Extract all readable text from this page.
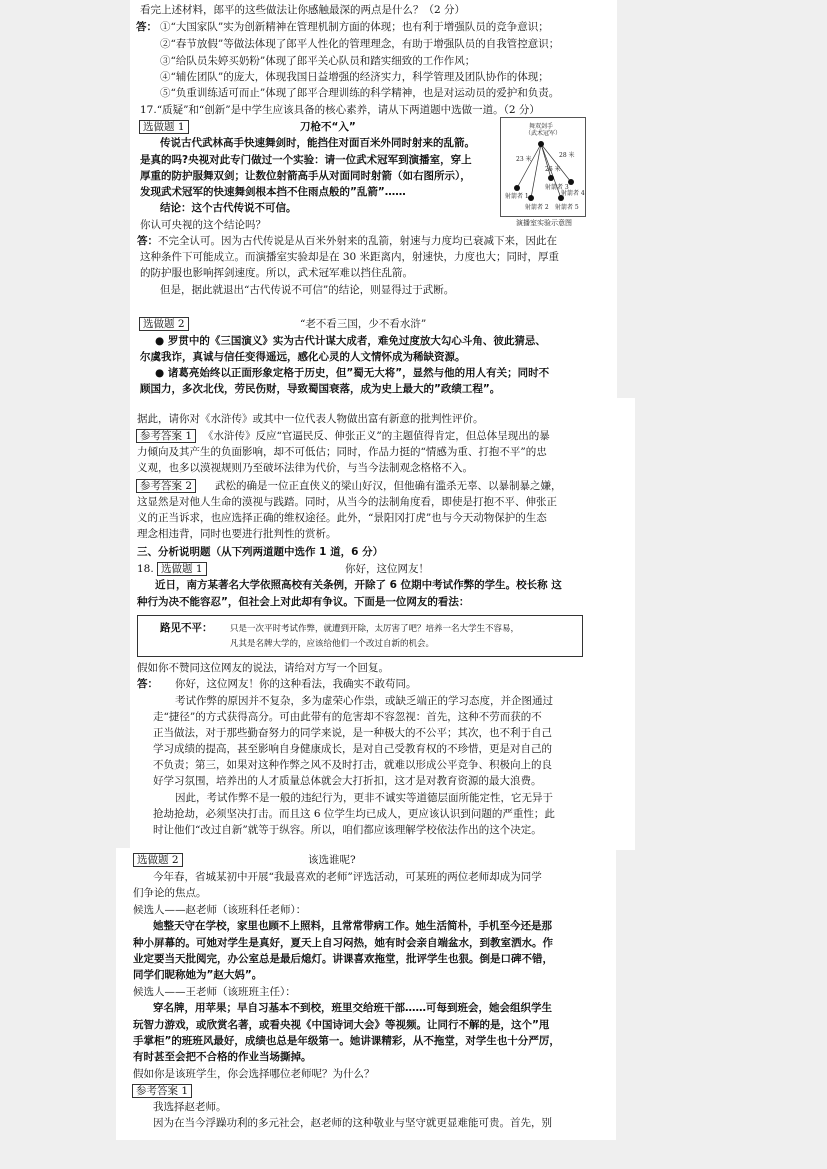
看完上述材料，郎平的这些做法让你感触最深的两点是什么？（2 分）
答： ①“大国家队”实为创新精神在管理机制方面的体现；也有利于增强队员的竞争意识；
②“春节放假”等做法体现了郎平人性化的管理理念，有助于增强队员的自我管控意识；
③“给队员朱婷买奶粉”体现了郎平关心队员和踏实细致的工作作风；
④“辅佐团队”的庞大，体现我国日益增强的经济实力，科学管理及团队协作的体现；
⑤“负重训练适可而止”体现了郎平合理训练的科学精神，也是对运动员的爱护和负责。
17.“质疑”和“创新”是中学生应该具备的核心素养，请从下两道题中选做一道。（2 分）
选做题 1	刀枪不“入”
传说古代武林高手快速舞剑时，能挡住对面百米外同时射来的乱箭。
是真的吗?央视对此专门做过一个实验：请一位武术冠军到演播室，穿上
厚重的防护服舞双剑；让数位射箭高手从对面同时射箭（如右图所示），
发现武术冠军的快速舞剑根本挡不住雨点般的”乱箭”……
结论：这个古代传说不可信。
你认可央视的这个结论吗？
答： 不完全认可。因为古代传说是从百米外射来的乱箭，射速与力度均已衰减下来，因此在
这种条件下可能成立。而演播室实验却是在 30 米距离内，射速快，力度也大；同时，厚重
的防护服也影响挥剑速度。所以，武术冠军难以挡住乱箭。
但是，据此就退出“古代传说不可信”的结论，则显得过于武断。
舞双剑手
（武术冠军）
23 米
28 米
26 米
射箭者 1
射箭者 2
射箭者 3
射箭者 4
射箭者 5
演播室实验示意图
选做题 2	“老不看三国，少不看水浒”
● 罗贯中的《三国演义》实为古代计谋大成者，难免过度放大勾心斗角、彼此猜忌、
尔虞我诈，真诚与信任变得遥远，感化心灵的人文情怀成为稀缺资源。
● 诸葛亮始终以正面形象定格于历史，但”蜀无大将”，显然与他的用人有关；同时不
顾国力，多次北伐，劳民伤财，导致蜀国衰落，成为史上最大的”政绩工程”。
据此，请你对《水浒传》或其中一位代表人物做出富有新意的批判性评价。
参考答案 1	《水浒传》反应“官逼民反、伸张正义”的主题值得肯定，但总体呈现出的暴
力倾向及其产生的负面影响，却不可低估；同时，作品力挺的“情感为重、打抱不平”的忠
义观，也多以漠视规则乃至破坏法律为代价，与当今法制观念格格不入。
参考答案 2	武松的确是一位正直侠义的梁山好汉，但他确有滥杀无辜、以暴制暴之嫌，
这显然是对他人生命的漠视与践踏。同时，从当今的法制角度看，即使是打抱不平、伸张正
义的正当诉求，也应选择正确的维权途径。此外，“景阳冈打虎”也与今天动物保护的生态
理念相违背，同时也要进行批判性的赏析。
三、分析说明题（从下列两道题中选作 1 道，6 分）
18. 选做题 1	你好，这位网友！
近日，南方某著名大学依照高校有关条例，开除了 6 位期中考试作弊的学生。校长称 这
种行为决不能容忍”，但社会上对此却有争议。下面是一位网友的看法：
路见不平： 只是一次平时考试作弊，就遭到开除，太厉害了吧？培养一名大学生不容易，
凡其是名牌大学的，应该给他们一个改过自新的机会。
假如你不赞同这位网友的说法，请给对方写一个回复。
答： 你好，这位网友！你的这种看法，我确实不敢苟同。
考试作弊的原因并不复杂，多为虚荣心作祟，或缺乏端正的学习态度，并企图通过
走“捷径”的方式获得高分。可由此带有的危害却不容忽视：首先，这种不劳而获的不
正当做法，对于那些勤奋努力的同学来说，是一种极大的不公平；其次，也不利于自己
学习成绩的提高，甚至影响自身健康成长，是对自己受教育权的不珍惜，更是对自己的
不负责；第三，如果对这种作弊之风不及时打击，就难以形成公平竞争、积极向上的良
好学习氛围，培养出的人才质量总体就会大打折扣，这才是对教育资源的最大浪费。
因此，考试作弊不是一般的违纪行为，更非不诚实等道德层面所能定性，它无异于
抢劫抢劫，必须坚决打击。而且这 6 位学生均已成人，更应该认识到问题的严重性；此
时让他们“改过自新”就等于纵容。所以，咱们都应该理解学校依法作出的这个决定。
选做题 2	该选谁呢?
今年春，省城某初中开展“我最喜欢的老师”评选活动，可某班的两位老师却成为同学
们争论的焦点。
候选人——赵老师（该班科任老师）：
她整天守在学校，家里也顾不上照料，且常常带病工作。她生活简朴，手机至今还是那
种小屏幕的。可她对学生是真好，夏天上自习闷热，她有时会亲自端盆水，到教室洒水。作
业定要当天批阅完，办公室总是最后熄灯。讲课喜欢拖堂，批评学生也狠。倒是口碑不错，
同学们昵称她为”赵大妈”。
候选人——王老师（该班班主任）：
穿名牌，用苹果；早自习基本不到校，班里交给班干部……可每到班会，她会组织学生
玩智力游戏，或欣赏名著，或看央视《中国诗词大会》等视频。让同行不解的是，这个”甩
手掌柜”的班班风最好，成绩也总是年级第一。她讲课精彩，从不拖堂，对学生也十分严厉，
有时甚至会把不合格的作业当场撕掉。
假如你是该班学生，你会选择哪位老师呢？为什么？
参考答案 1
我选择赵老师。
因为在当今浮躁功利的多元社会，赵老师的这种敬业与坚守就更显难能可贵。首先，别
